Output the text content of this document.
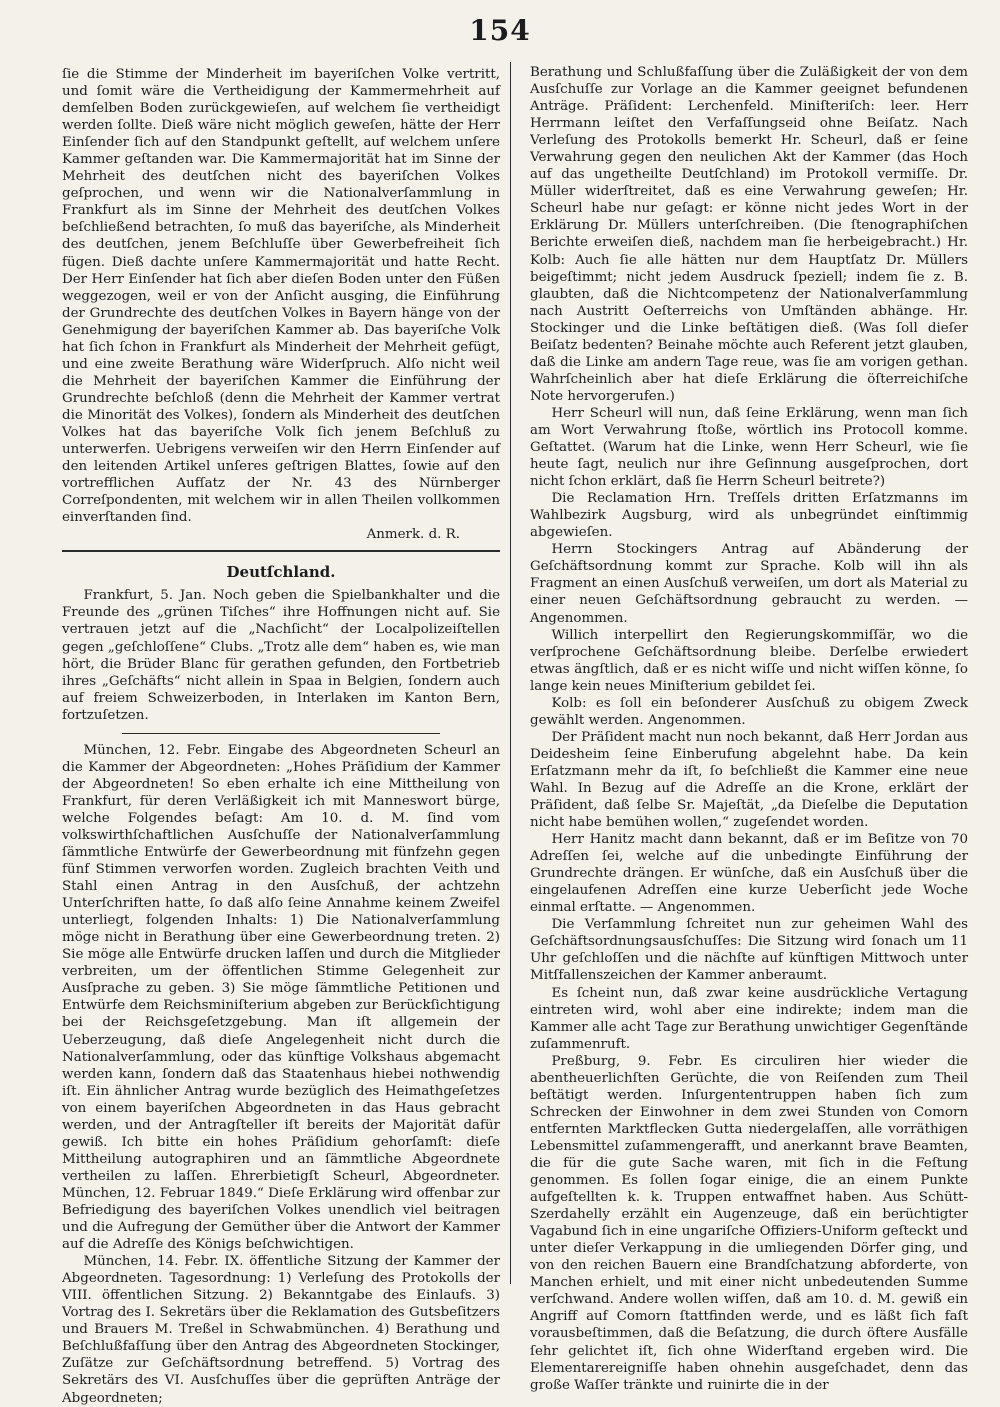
154

ſie die Stimme der Minderheit im bayeriſchen Volke vertritt, und ſomit wäre die Vertheidigung der Kammermehrheit auf demſelben Boden zurückgewieſen, auf welchem ſie vertheidigt werden ſollte. Dieß wäre nicht möglich geweſen, hätte der Herr Einſender ſich auf den Standpunkt geſtellt, auf welchem unſere Kammer geſtanden war. Die Kammermajorität hat im Sinne der Mehrheit des deutſchen nicht des bayeriſchen Volkes geſprochen, und wenn wir die Nationalverſammlung in Frankfurt als im Sinne der Mehrheit des deutſchen Volkes beſchließend betrachten, ſo muß das bayeriſche, als Minderheit des deutſchen, jenem Beſchluſſe über Gewerbefreiheit ſich fügen. Dieß dachte unſere Kammermajorität und hatte Recht. Der Herr Einſender hat ſich aber dieſen Boden unter den Füßen weggezogen, weil er von der Anſicht ausging, die Einführung der Grundrechte des deutſchen Volkes in Bayern hänge von der Genehmigung der bayeriſchen Kammer ab. Das bayeriſche Volk hat ſich ſchon in Frankfurt als Minderheit der Mehrheit gefügt, und eine zweite Berathung wäre Widerſpruch. Alſo nicht weil die Mehrheit der bayeriſchen Kammer die Einführung der Grundrechte beſchloß (denn die Mehrheit der Kammer vertrat die Minorität des Volkes), ſondern als Minderheit des deutſchen Volkes hat das bayeriſche Volk ſich jenem Beſchluß zu unterwerfen. Uebrigens verweiſen wir den Herrn Einſender auf den leitenden Artikel unſeres geſtrigen Blattes, ſowie auf den vortrefflichen Aufſatz der Nr. 43 des Nürnberger Correſpondenten, mit welchem wir in allen Theilen vollkommen einverſtanden ſind.

Anmerk. d. R.
Deutſchland.

Frankfurt, 5. Jan. Noch geben die Spielbankhalter und die Freunde des „grünen Tiſches“ ihre Hoffnungen nicht auf. Sie vertrauen jetzt auf die „Nachſicht“ der Localpolizeiſtellen gegen „geſchloſſene“ Clubs. „Trotz alle dem“ haben es, wie man hört, die Brüder Blanc für gerathen gefunden, den Fortbetrieb ihres „Geſchäfts“ nicht allein in Spaa in Belgien, ſondern auch auf freiem Schweizerboden, in Interlaken im Kanton Bern, fortzuſetzen.

München, 12. Febr. Eingabe des Abgeordneten Scheurl an die Kammer der Abgeordneten: „Hohes Präſidium der Kammer der Abgeordneten! So eben erhalte ich eine Mittheilung von Frankfurt, für deren Verläßigkeit ich mit Manneswort bürge, welche Folgendes beſagt: Am 10. d. M. ſind vom volkswirthſchaftlichen Ausſchuſſe der Nationalverſammlung ſämmtliche Entwürfe der Gewerbeordnung mit fünfzehn gegen fünf Stimmen verworfen worden. Zugleich brachten Veith und Stahl einen Antrag in den Ausſchuß, der achtzehn Unterſchriften hatte, ſo daß alſo ſeine Annahme keinem Zweifel unterliegt, folgenden Inhalts: 1) Die Nationalverſammlung möge nicht in Berathung über eine Gewerbeordnung treten. 2) Sie möge alle Entwürfe drucken laſſen und durch die Mitglieder verbreiten, um der öffentlichen Stimme Gelegenheit zur Ausſprache zu geben. 3) Sie möge ſämmtliche Petitionen und Entwürfe dem Reichsminiſterium abgeben zur Berückſichtigung bei der Reichsgeſetzgebung. Man iſt allgemein der Ueberzeugung, daß dieſe Angelegenheit nicht durch die Nationalverſammlung, oder das künftige Volkshaus abgemacht werden kann, ſondern daß das Staatenhaus hiebei nothwendig iſt. Ein ähnlicher Antrag wurde bezüglich des Heimathgeſetzes von einem bayeriſchen Abgeordneten in das Haus gebracht werden, und der Antragſteller iſt bereits der Majorität dafür gewiß. Ich bitte ein hohes Präſidium gehorſamſt: dieſe Mittheilung autographiren und an ſämmtliche Abgeordnete vertheilen zu laſſen. Ehrerbietigſt Scheurl, Abgeordneter. München, 12. Februar 1849.“ Dieſe Erklärung wird offenbar zur Befriedigung des bayeriſchen Volkes unendlich viel beitragen und die Aufregung der Gemüther über die Antwort der Kammer auf die Adreſſe des Königs beſchwichtigen.

München, 14. Febr. IX. öffentliche Sitzung der Kammer der Abgeordneten. Tagesordnung: 1) Verleſung des Protokolls der VIII. öffentlichen Sitzung. 2) Bekanntgabe des Einlaufs. 3) Vortrag des I. Sekretärs über die Reklamation des Gutsbeſitzers und Brauers M. Treßel in Schwabmünchen. 4) Berathung und Beſchlußfaſſung über den Antrag des Abgeordneten Stockinger, Zuſätze zur Geſchäftsordnung betreffend. 5) Vortrag des Sekretärs des VI. Ausſchuſſes über die geprüften Anträge der Abgeordneten;

Berathung und Schlußfaſſung über die Zuläßigkeit der von dem Ausſchuſſe zur Vorlage an die Kammer geeignet befundenen Anträge. Präſident: Lerchenfeld. Miniſteriſch: leer. Herr Herrmann leiſtet den Verfaſſungseid ohne Beiſatz. Nach Verleſung des Protokolls bemerkt Hr. Scheurl, daß er ſeine Verwahrung gegen den neulichen Akt der Kammer (das Hoch auf das ungetheilte Deutſchland) im Protokoll vermiſſe. Dr. Müller widerſtreitet, daß es eine Verwahrung geweſen; Hr. Scheurl habe nur geſagt: er könne nicht jedes Wort in der Erklärung Dr. Müllers unterſchreiben. (Die ſtenographiſchen Berichte erweiſen dieß, nachdem man ſie herbeigebracht.) Hr. Kolb: Auch ſie alle hätten nur dem Hauptſatz Dr. Müllers beigeſtimmt; nicht jedem Ausdruck ſpeziell; indem ſie z. B. glaubten, daß die Nichtcompetenz der Nationalverſammlung nach Austritt Oeſterreichs von Umſtänden abhänge. Hr. Stockinger und die Linke beſtätigen dieß. (Was ſoll dieſer Beiſatz bedenten? Beinahe möchte auch Referent jetzt glauben, daß die Linke am andern Tage reue, was ſie am vorigen gethan. Wahrſcheinlich aber hat dieſe Erklärung die öſterreichiſche Note hervorgerufen.)

Herr Scheurl will nun, daß ſeine Erklärung, wenn man ſich am Wort Verwahrung ſtoße, wörtlich ins Protocoll komme. Geſtattet. (Warum hat die Linke, wenn Herr Scheurl, wie ſie heute ſagt, neulich nur ihre Geſinnung ausgeſprochen, dort nicht ſchon erklärt, daß ſie Herrn Scheurl beitrete?)

Die Reclamation Hrn. Treſſels dritten Erſatzmanns im Wahlbezirk Augsburg, wird als unbegründet einſtimmig abgewieſen.

Herrn Stockingers Antrag auf Abänderung der Geſchäftsordnung kommt zur Sprache. Kolb will ihn als Fragment an einen Ausſchuß verweiſen, um dort als Material zu einer neuen Geſchäftsordnung gebraucht zu werden. — Angenommen.

Willich interpellirt den Regierungskommiſſär, wo die verſprochene Geſchäftsordnung bleibe. Derſelbe erwiedert etwas ängſtlich, daß er es nicht wiſſe und nicht wiſſen könne, ſo lange kein neues Miniſterium gebildet ſei.

Kolb: es ſoll ein beſonderer Ausſchuß zu obigem Zweck gewählt werden. Angenommen.

Der Präſident macht nun noch bekannt, daß Herr Jordan aus Deidesheim ſeine Einberufung abgelehnt habe. Da kein Erſatzmann mehr da iſt, ſo beſchließt die Kammer eine neue Wahl. In Bezug auf die Adreſſe an die Krone, erklärt der Präſident, daß ſelbe Sr. Majeſtät, „da Dieſelbe die Deputation nicht habe bemühen wollen,“ zugeſendet worden.

Herr Hanitz macht dann bekannt, daß er im Beſitze von 70 Adreſſen ſei, welche auf die unbedingte Einführung der Grundrechte drängen. Er wünſche, daß ein Ausſchuß über die eingelaufenen Adreſſen eine kurze Ueberſicht jede Woche einmal erſtatte. — Angenommen.

Die Verſammlung ſchreitet nun zur geheimen Wahl des Geſchäftsordnungsausſchuſſes: Die Sitzung wird ſonach um 11 Uhr geſchloſſen und die nächſte auf künftigen Mittwoch unter Mitſfallenszeichen der Kammer anberaumt.

Es ſcheint nun, daß zwar keine ausdrückliche Vertagung eintreten wird, wohl aber eine indirekte; indem man die Kammer alle acht Tage zur Berathung unwichtiger Gegenſtände zuſammenruft.

Preßburg, 9. Febr. Es circuliren hier wieder die abentheuerlichſten Gerüchte, die von Reiſenden zum Theil beſtätigt werden. Inſurgententruppen haben ſich zum Schrecken der Einwohner in dem zwei Stunden von Comorn entfernten Marktflecken Gutta niedergelaſſen, alle vorräthigen Lebensmittel zuſammengerafft, und anerkannt brave Beamten, die für die gute Sache waren, mit ſich in die Feſtung genommen. Es ſollen ſogar einige, die an einem Punkte aufgeſtellten k. k. Truppen entwaffnet haben. Aus Schütt-Szerdahelly erzählt ein Augenzeuge, daß ein berüchtigter Vagabund ſich in eine ungariſche Offiziers-Uniform geſteckt und unter dieſer Verkappung in die umliegenden Dörfer ging, und von den reichen Bauern eine Brandſchatzung abforderte, von Manchen erhielt, und mit einer nicht unbedeutenden Summe verſchwand. Andere wollen wiſſen, daß am 10. d. M. gewiß ein Angriff auf Comorn ſtattfinden werde, und es läßt ſich faſt vorausbeſtimmen, daß die Beſatzung, die durch öftere Ausfälle ſehr gelichtet iſt, ſich ohne Widerſtand ergeben wird. Die Elementarereigniſſe haben ohnehin ausgeſchadet, denn das große Waſſer tränkte und ruinirte die in der
